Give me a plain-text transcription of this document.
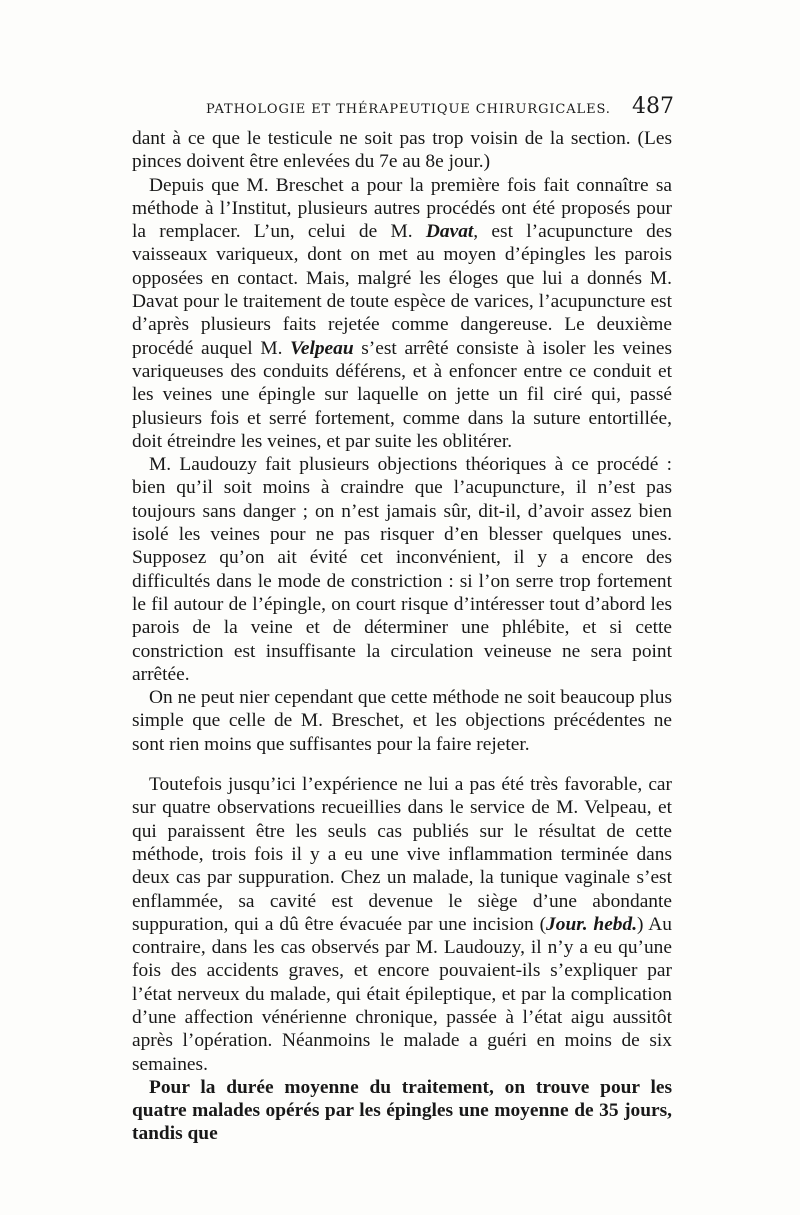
PATHOLOGIE ET THÉRAPEUTIQUE CHIRURGICALES. 487

dant à ce que le testicule ne soit pas trop voisin de la section. (Les pinces doivent être enlevées du 7e au 8e jour.)

Depuis que M. Breschet a pour la première fois fait connaître sa méthode à l’Institut, plusieurs autres procédés ont été proposés pour la remplacer. L’un, celui de M. Davat, est l’acupuncture des vaisseaux variqueux, dont on met au moyen d’épingles les parois opposées en contact. Mais, malgré les éloges que lui a donnés M. Davat pour le traitement de toute espèce de varices, l’acupuncture est d’après plusieurs faits rejetée comme dangereuse. Le deuxième procédé auquel M. Velpeau s’est arrêté consiste à isoler les veines variqueuses des conduits déférens, et à enfoncer entre ce conduit et les veines une épingle sur laquelle on jette un fil ciré qui, passé plusieurs fois et serré fortement, comme dans la suture entortillée, doit étreindre les veines, et par suite les oblitérer.

M. Laudouzy fait plusieurs objections théoriques à ce procédé : bien qu’il soit moins à craindre que l’acupuncture, il n’est pas toujours sans danger ; on n’est jamais sûr, dit-il, d’avoir assez bien isolé les veines pour ne pas risquer d’en blesser quelques unes. Supposez qu’on ait évité cet inconvénient, il y a encore des difficultés dans le mode de constriction : si l’on serre trop fortement le fil autour de l’épingle, on court risque d’intéresser tout d’abord les parois de la veine et de déterminer une phlébite, et si cette constriction est insuffisante la circulation veineuse ne sera point arrêtée.

On ne peut nier cependant que cette méthode ne soit beaucoup plus simple que celle de M. Breschet, et les objections précédentes ne sont rien moins que suffisantes pour la faire rejeter.

Toutefois jusqu’ici l’expérience ne lui a pas été très favorable, car sur quatre observations recueillies dans le service de M. Velpeau, et qui paraissent être les seuls cas publiés sur le résultat de cette méthode, trois fois il y a eu une vive inflammation terminée dans deux cas par suppuration. Chez un malade, la tunique vaginale s’est enflammée, sa cavité est devenue le siège d’une abondante suppuration, qui a dû être évacuée par une incision (Jour. hebd.) Au contraire, dans les cas observés par M. Laudouzy, il n’y a eu qu’une fois des accidents graves, et encore pouvaient-ils s’expliquer par l’état nerveux du malade, qui était épileptique, et par la complication d’une affection vénérienne chronique, passée à l’état aigu aussitôt après l’opération. Néanmoins le malade a guéri en moins de six semaines.

Pour la durée moyenne du traitement, on trouve pour les quatre malades opérés par les épingles une moyenne de 35 jours, tandis que
